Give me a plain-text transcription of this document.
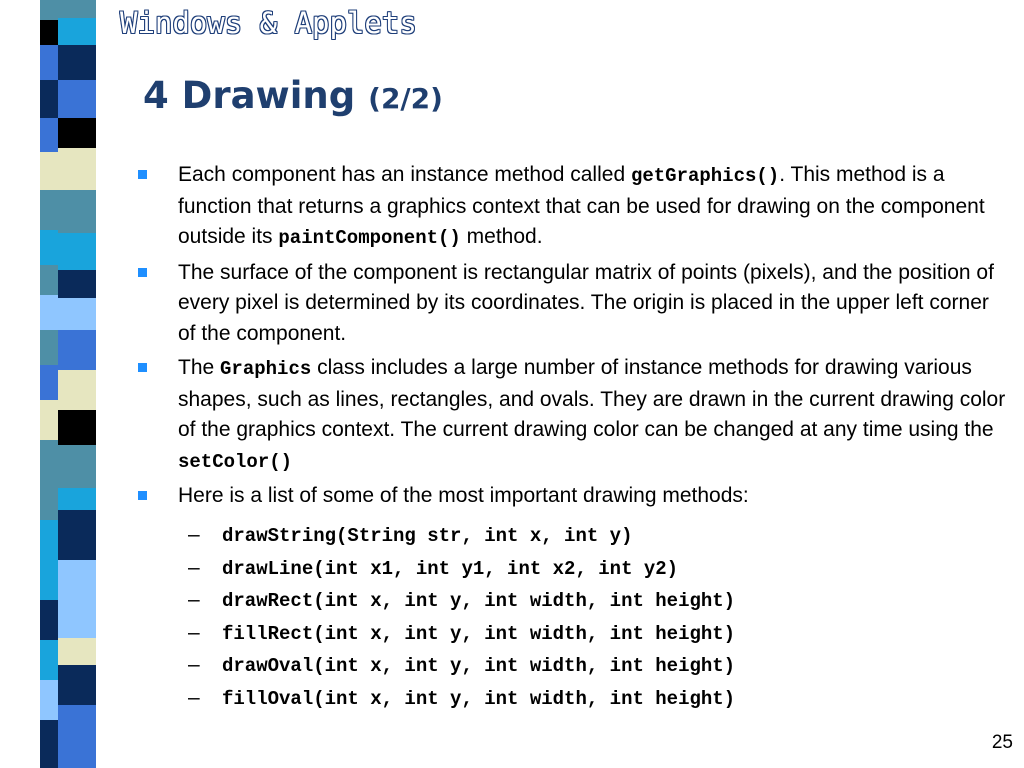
Windows & Applets
4 Drawing (2/2)
Each component has an instance method called getGraphics(). This method is a function that returns a graphics context that can be used for drawing on the component outside its paintComponent() method.
The surface of the component is rectangular matrix of points (pixels), and the position of every pixel is determined by its coordinates. The origin is placed in the upper left corner of the component.
The Graphics class includes a large number of instance methods for drawing various shapes, such as lines, rectangles, and ovals. They are drawn in the current drawing color of the graphics context. The current drawing color can be changed at any time using the setColor()
Here is a list of some of the most important drawing methods:
– drawString(String str, int x, int y)
– drawLine(int x1, int y1, int x2, int y2)
– drawRect(int x, int y, int width, int height)
– fillRect(int x, int y, int width, int height)
– drawOval(int x, int y, int width, int height)
– fillOval(int x, int y, int width, int height)
25
